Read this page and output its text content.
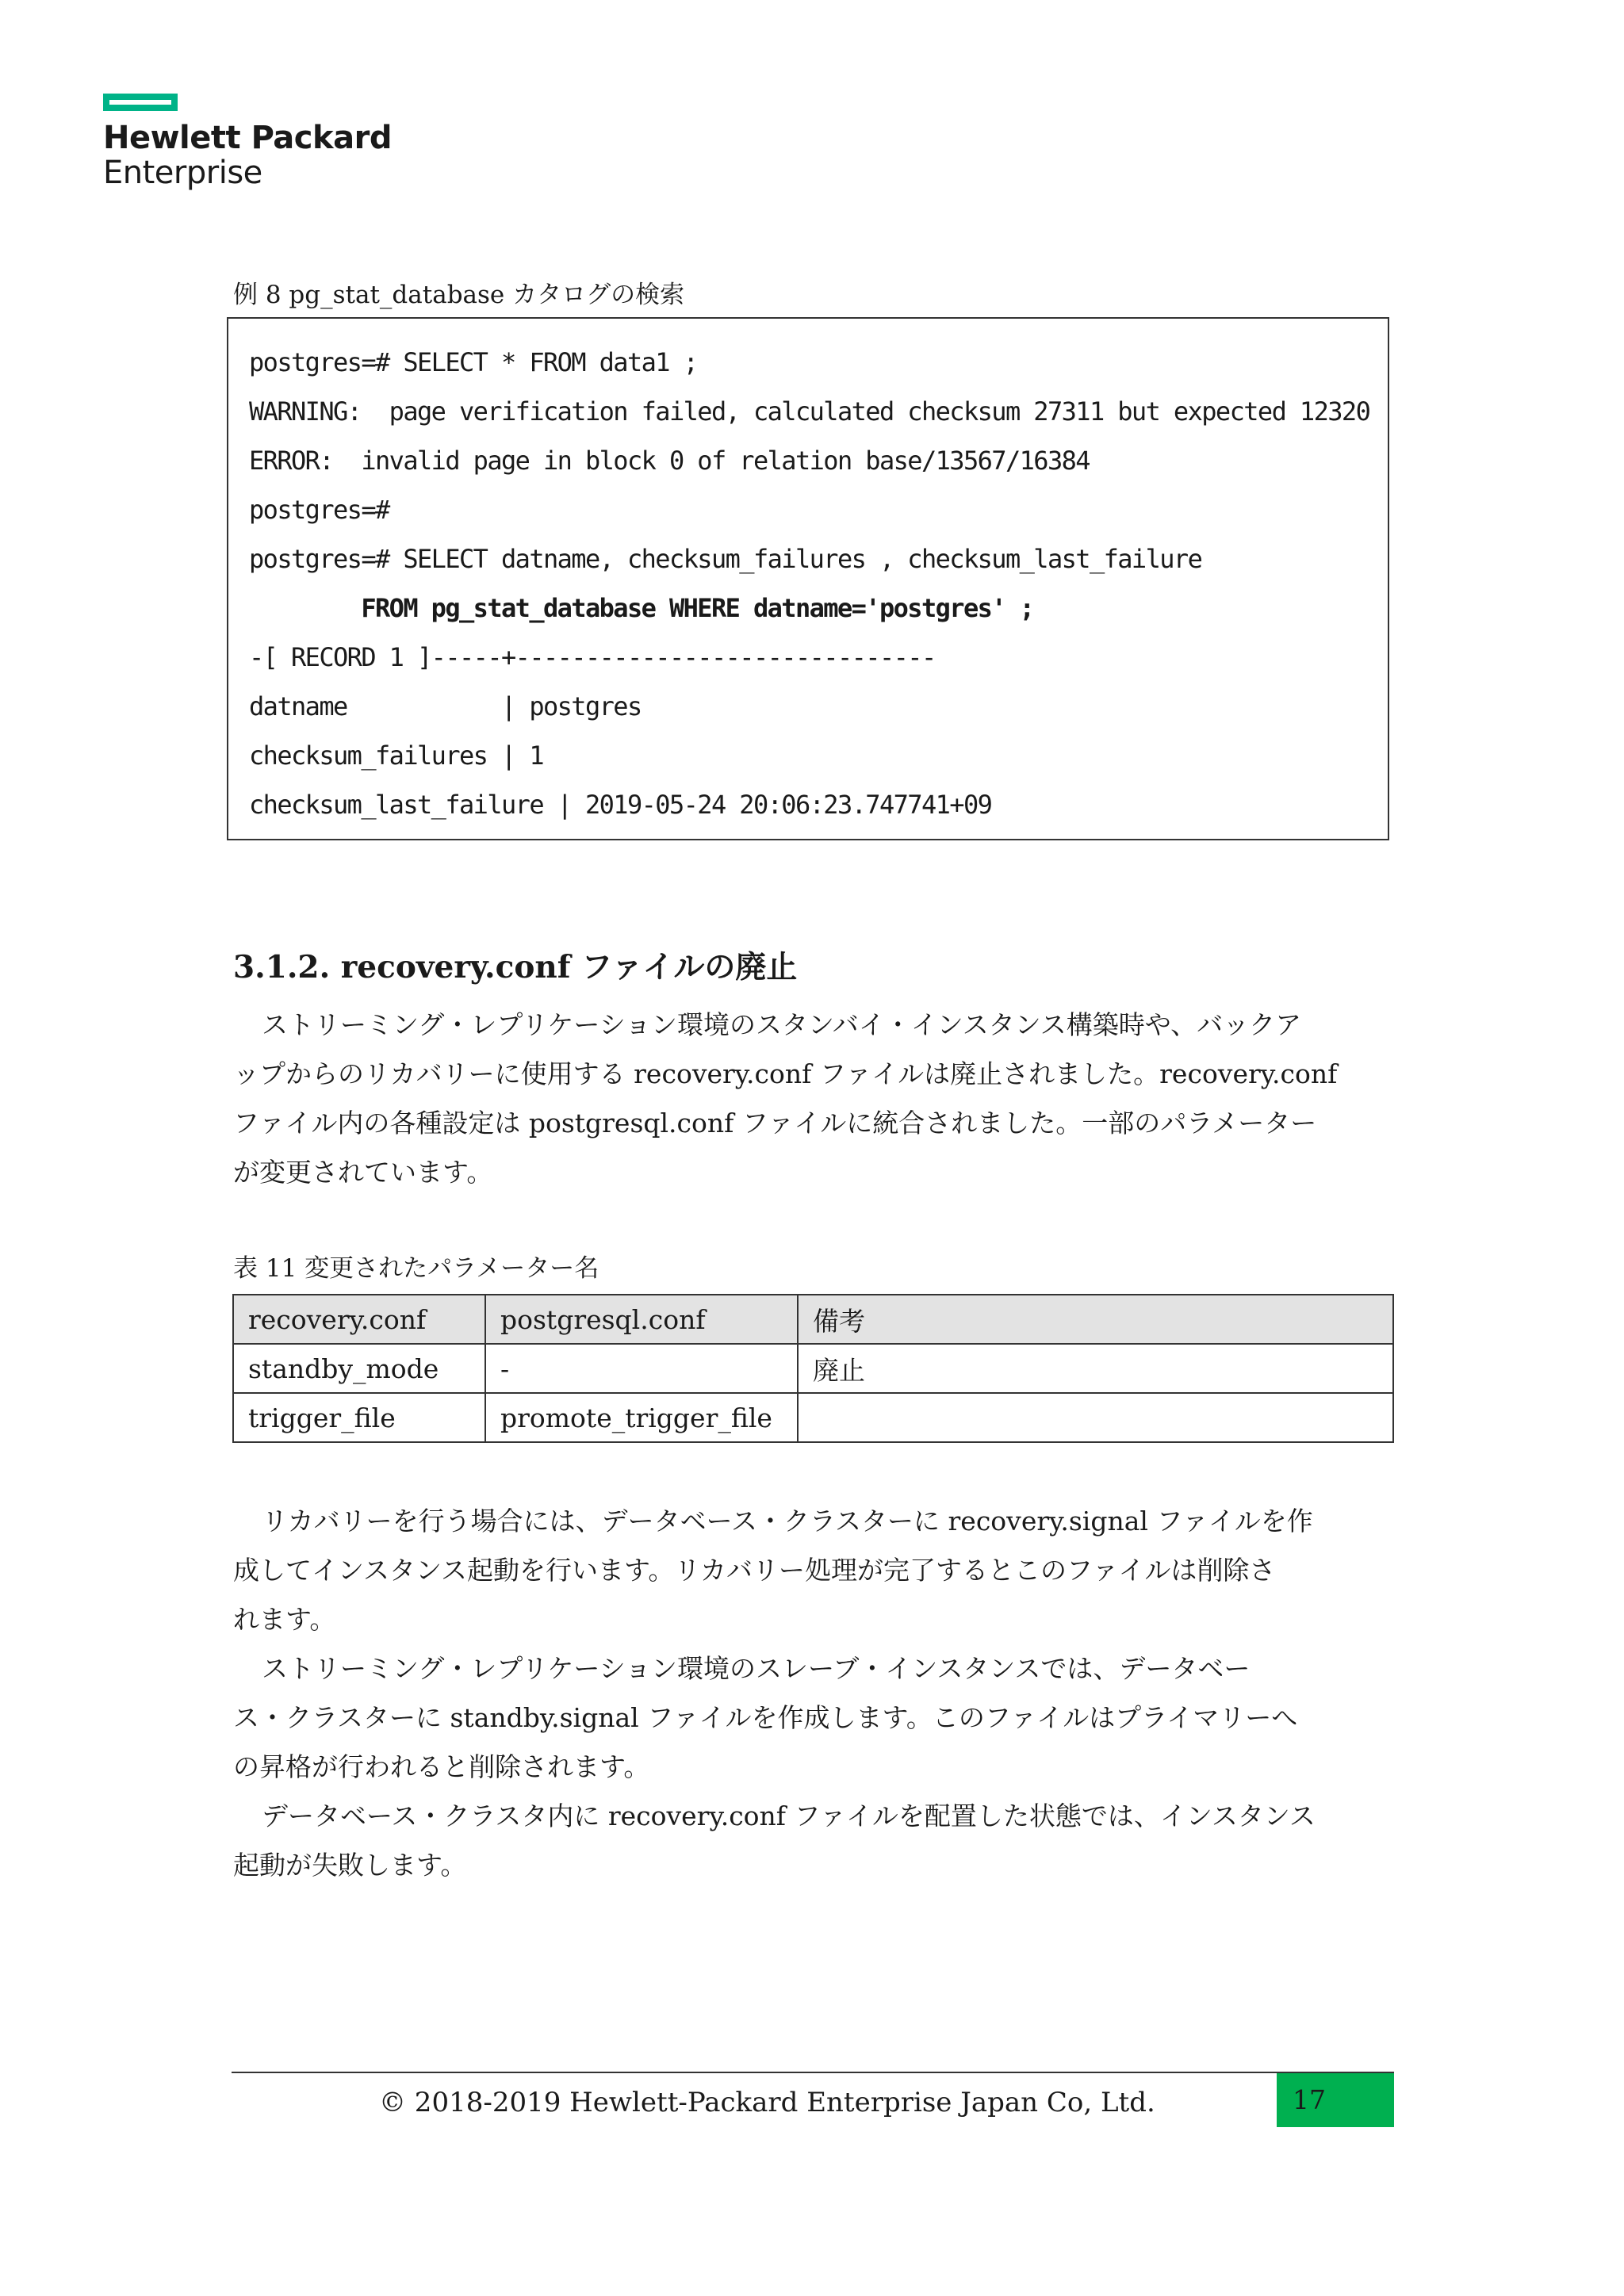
Hewlett Packard
Enterprise
例 8 pg_stat_database カタログの検索
postgres=# SELECT * FROM data1 ;
WARNING:  page verification failed, calculated checksum 27311 but expected 12320
ERROR:  invalid page in block 0 of relation base/13567/16384
postgres=#
postgres=# SELECT datname, checksum_failures , checksum_last_failure
FROM pg_stat_database WHERE datname='postgres' ;
-[ RECORD 1 ]-----+------------------------------
datname           | postgres
checksum_failures | 1
checksum_last_failure | 2019-05-24 20:06:23.747741+09
3.1.2. recovery.conf ファイルの廃止
ストリーミング・レプリケーション環境のスタンバイ・インスタンス構築時や、バックア
ップからのリカバリーに使用する recovery.conf ファイルは廃止されました。recovery.conf
ファイル内の各種設定は postgresql.conf ファイルに統合されました。一部のパラメーター
が変更されています。
表 11 変更されたパラメーター名
recovery.conf	postgresql.conf	備考
standby_mode	-	廃止
trigger_file	promote_trigger_file	
リカバリーを行う場合には、データベース・クラスターに recovery.signal ファイルを作
成してインスタンス起動を行います。リカバリー処理が完了するとこのファイルは削除さ
れます。
ストリーミング・レプリケーション環境のスレーブ・インスタンスでは、データベー
ス・クラスターに standby.signal ファイルを作成します。このファイルはプライマリーへ
の昇格が行われると削除されます。
データベース・クラスタ内に recovery.conf ファイルを配置した状態では、インスタンス
起動が失敗します。
© 2018-2019 Hewlett-Packard Enterprise Japan Co, Ltd.	17
